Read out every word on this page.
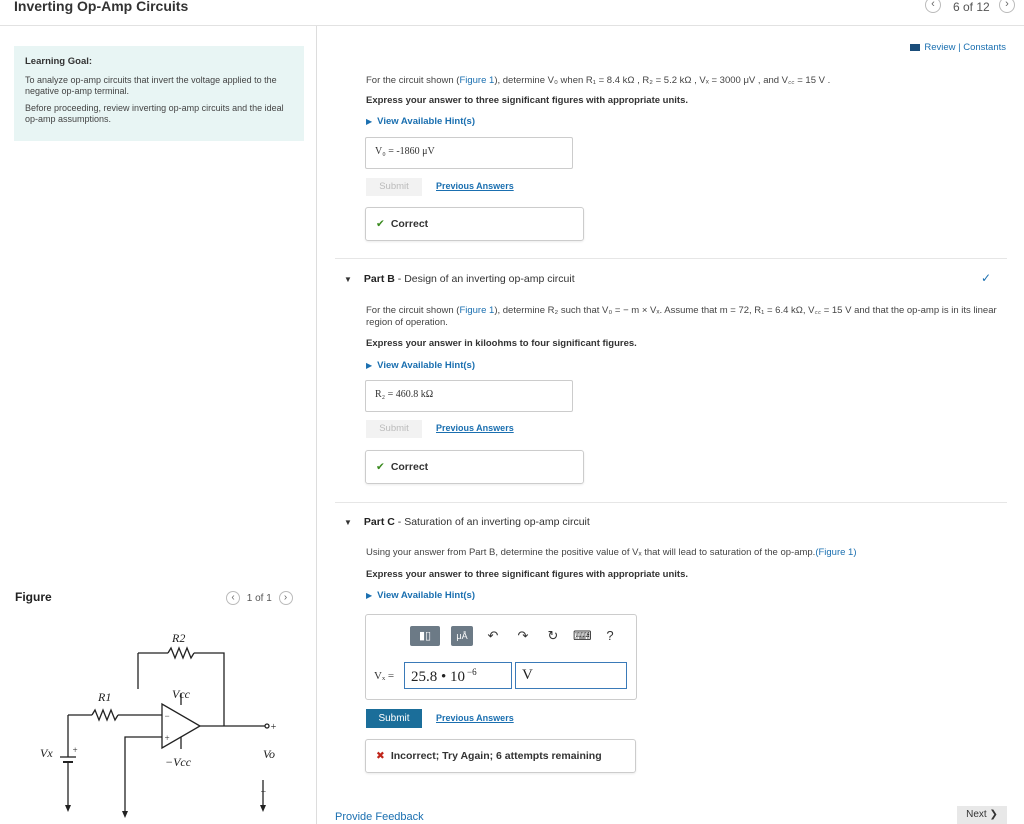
Inverting Op-Amp Circuits	‹	6 of 12	›
Learning Goal:

To analyze op-amp circuits that invert the voltage applied to the negative op-amp terminal.

Before proceeding, review inverting op-amp circuits and the ideal op-amp assumptions.

Figure	‹ 1 of 1 ›
R2
R1	Vcc
−Vcc
Vx	Vo
+
−
+
−
+
Review | Constants
For the circuit shown (Figure 1), determine V₀ when R₁ = 8.4 kΩ , R₂ = 5.2 kΩ , Vₓ = 3000 μV , and V꜀꜀ = 15 V .
Express your answer to three significant figures with appropriate units.
▶ View Available Hint(s)
V₀ = -1860 μV
Submit	Previous Answers
✔ Correct
▼ Part B - Design of an inverting op-amp circuit	✓
For the circuit shown (Figure 1), determine R₂ such that V₀ = − m × Vₓ. Assume that m = 72, R₁ = 6.4 kΩ, V꜀꜀ = 15 V and that the op-amp is in its linear region of operation.
Express your answer in kiloohms to four significant figures.
▶ View Available Hint(s)
R₂ = 460.8 kΩ
Submit	Previous Answers
✔ Correct
▼ Part C - Saturation of an inverting op-amp circuit
Using your answer from Part B, determine the positive value of Vₓ that will lead to saturation of the op-amp.(Figure 1)
Express your answer to three significant figures with appropriate units.
▶ View Available Hint(s)
▮▯	μÅ	↶ ↷ ↻ ⌨	?
Vₓ =	25.8 • 10 $^{-6}$	V
Submit	Previous Answers
✖ Incorrect; Try Again; 6 attempts remaining
Provide Feedback	Next ❯
